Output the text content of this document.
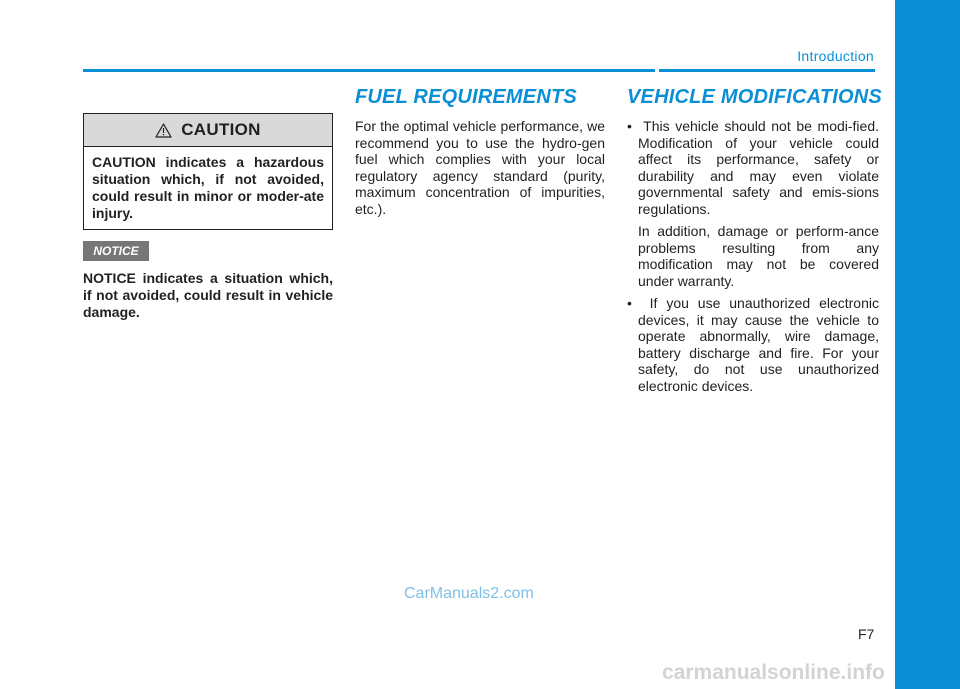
Introduction
CAUTION

CAUTION indicates a hazardous situation which, if not avoided, could result in minor or moder-ate injury.

NOTICE

NOTICE indicates a situation which, if not avoided, could result in vehicle damage.

FUEL REQUIREMENTS

For the optimal vehicle performance, we recommend you to use the hydro-gen fuel which complies with your local regulatory agency standard (purity, maximum concentration of impurities, etc.).

VEHICLE MODIFICATIONS
• This vehicle should not be modi-fied. Modification of your vehicle could affect its performance, safety or durability and may even violate governmental safety and emis-sions regulations.
In addition, damage or perform-ance problems resulting from any modification may not be covered under warranty.
• If you use unauthorized electronic devices, it may cause the vehicle to operate abnormally, wire damage, battery discharge and fire. For your safety, do not use unauthorized electronic devices.
F7
CarManuals2.com
carmanualsonline.info
